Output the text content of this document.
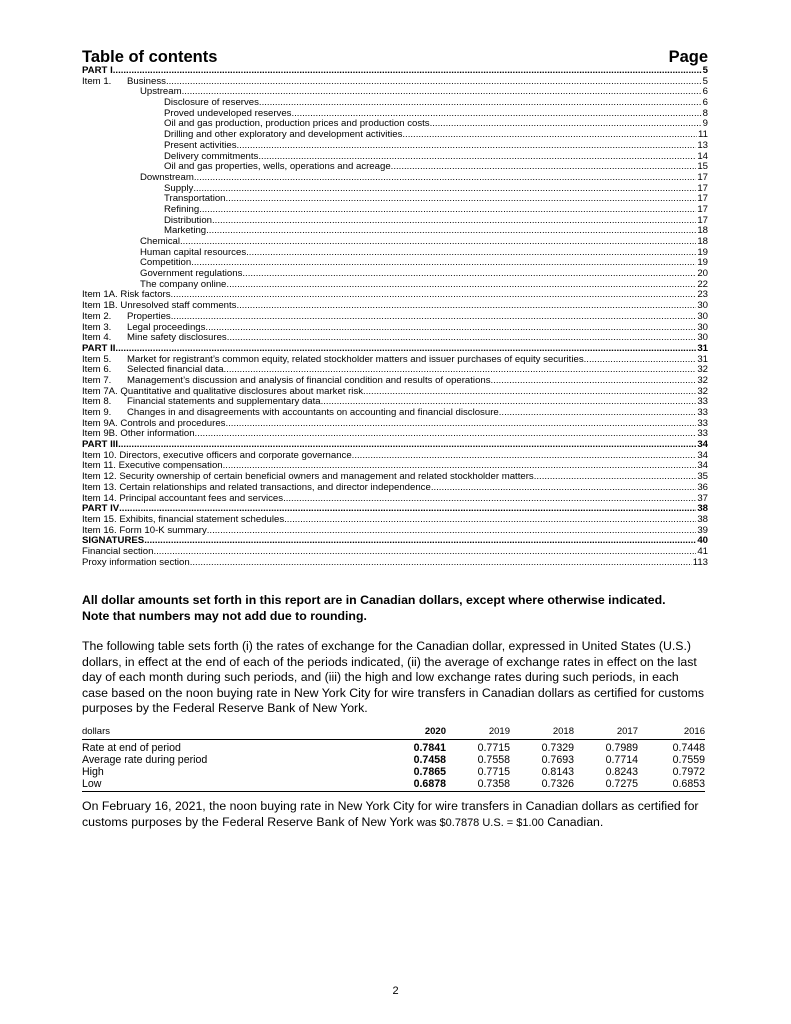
Table of contents	Page
PART I .....	5
Item 1. Business .....	5
Upstream .....	6
Disclosure of reserves .....	6
Proved undeveloped reserves .....	8
Oil and gas production, production prices and production costs .....	9
Drilling and other exploratory and development activities .....	11
Present activities .....	13
Delivery commitments .....	14
Oil and gas properties, wells, operations and acreage .....	15
Downstream .....	17
Supply .....	17
Transportation .....	17
Refining .....	17
Distribution .....	17
Marketing .....	18
Chemical .....	18
Human capital resources .....	19
Competition .....	19
Government regulations .....	20
The company online .....	22
Item 1A. Risk factors .....	23
Item 1B. Unresolved staff comments .....	30
Item 2. Properties .....	30
Item 3. Legal proceedings .....	30
Item 4. Mine safety disclosures .....	30
PART II .....	31
Item 5. Market for registrant’s common equity, related stockholder matters and issuer purchases of equity securities .....	31
Item 6. Selected financial data .....	32
Item 7. Management’s discussion and analysis of financial condition and results of operations .....	32
Item 7A. Quantitative and qualitative disclosures about market risk .....	32
Item 8. Financial statements and supplementary data .....	33
Item 9. Changes in and disagreements with accountants on accounting and financial disclosure .....	33
Item 9A. Controls and procedures .....	33
Item 9B. Other information .....	33
PART III .....	34
Item 10. Directors, executive officers and corporate governance .....	34
Item 11. Executive compensation .....	34
Item 12. Security ownership of certain beneficial owners and management and related stockholder matters .....	35
Item 13. Certain relationships and related transactions, and director independence .....	36
Item 14. Principal accountant fees and services .....	37
PART IV .....	38
Item 15. Exhibits, financial statement schedules .....	38
Item 16. Form 10-K summary .....	39
SIGNATURES .....	40
Financial section .....	41
Proxy information section .....	113
All dollar amounts set forth in this report are in Canadian dollars, except where otherwise indicated.
Note that numbers may not add due to rounding.
The following table sets forth (i) the rates of exchange for the Canadian dollar, expressed in United States (U.S.) dollars, in effect at the end of each of the periods indicated, (ii) the average of exchange rates in effect on the last day of each month during such periods, and (iii) the high and low exchange rates during such periods, in each case based on the noon buying rate in New York City for wire transfers in Canadian dollars as certified for customs purposes by the Federal Reserve Bank of New York.
dollars	2020	2019	2018	2017	2016
Rate at end of period	0.7841	0.7715	0.7329	0.7989	0.7448
Average rate during period	0.7458	0.7558	0.7693	0.7714	0.7559
High	0.7865	0.7715	0.8143	0.8243	0.7972
Low	0.6878	0.7358	0.7326	0.7275	0.6853
On February 16, 2021, the noon buying rate in New York City for wire transfers in Canadian dollars as certified for customs purposes by the Federal Reserve Bank of New York was $0.7878 U.S. = $1.00 Canadian.
2
